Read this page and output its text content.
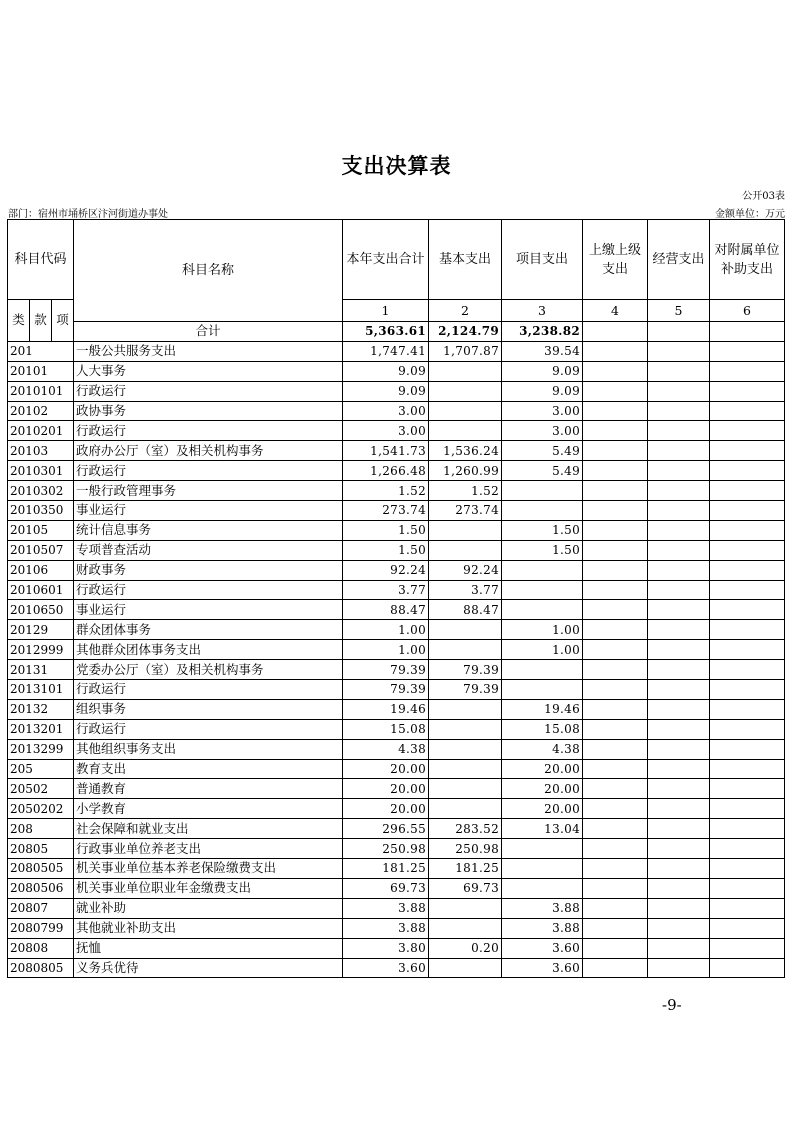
支出决算表
公开03表
部门：宿州市埇桥区汴河街道办事处	金额单位：万元
科目代码			科目名称	本年支出合计	基本支出	项目支出	上缴上级支出	经营支出	对附属单位补助支出
类	款	项		1	2	3	4	5	6
			合计	5,363.61	2,124.79	3,238.82			
201			一般公共服务支出	1,747.41	1,707.87	39.54			
20101			人大事务	9.09		9.09			
2010101			行政运行	9.09		9.09			
20102			政协事务	3.00		3.00			
2010201			行政运行	3.00		3.00			
20103			政府办公厅（室）及相关机构事务	1,541.73	1,536.24	5.49			
2010301			行政运行	1,266.48	1,260.99	5.49			
2010302			一般行政管理事务	1.52	1.52				
2010350			事业运行	273.74	273.74				
20105			统计信息事务	1.50		1.50			
2010507			专项普查活动	1.50		1.50			
20106			财政事务	92.24	92.24				
2010601			行政运行	3.77	3.77				
2010650			事业运行	88.47	88.47				
20129			群众团体事务	1.00		1.00			
2012999			其他群众团体事务支出	1.00		1.00			
20131			党委办公厅（室）及相关机构事务	79.39	79.39				
2013101			行政运行	79.39	79.39				
20132			组织事务	19.46		19.46			
2013201			行政运行	15.08		15.08			
2013299			其他组织事务支出	4.38		4.38			
205			教育支出	20.00		20.00			
20502			普通教育	20.00		20.00			
2050202			小学教育	20.00		20.00			
208			社会保障和就业支出	296.55	283.52	13.04			
20805			行政事业单位养老支出	250.98	250.98				
2080505			机关事业单位基本养老保险缴费支出	181.25	181.25				
2080506			机关事业单位职业年金缴费支出	69.73	69.73				
20807			就业补助	3.88		3.88			
2080799			其他就业补助支出	3.88		3.88			
20808			抚恤	3.80	0.20	3.60			
2080805			义务兵优待	3.60		3.60			
-9-
